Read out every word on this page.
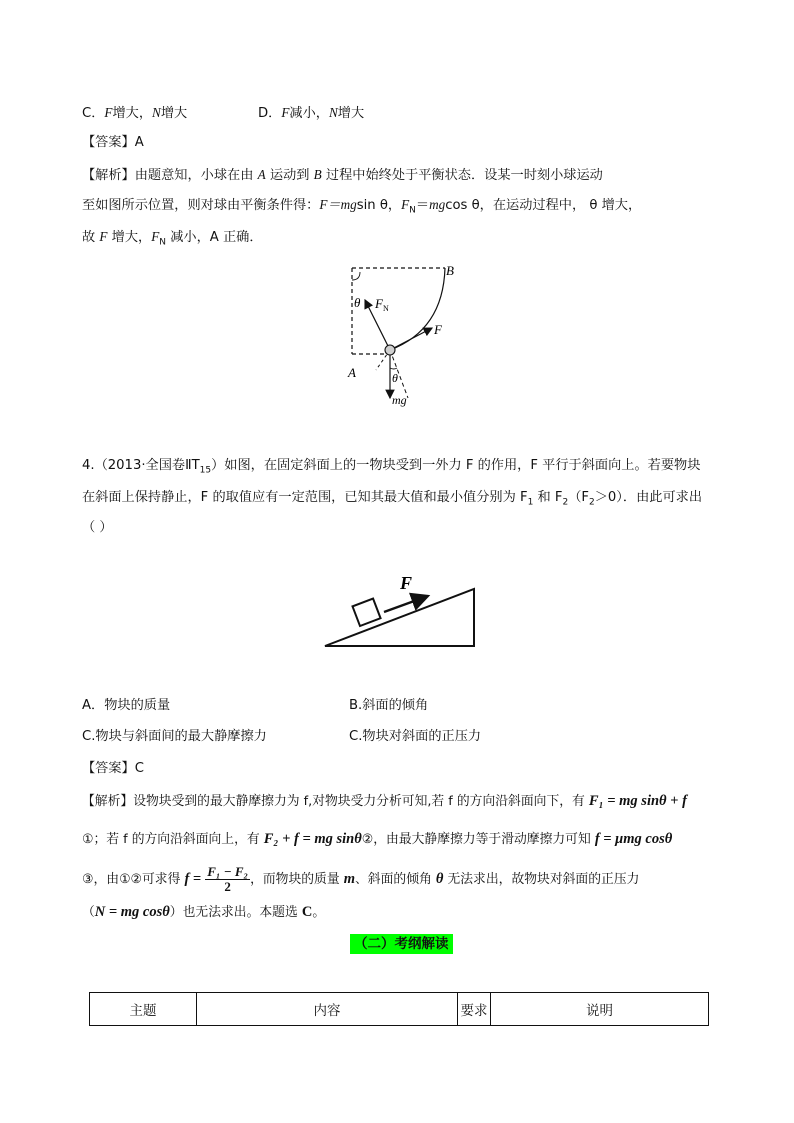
C．F增大，N增大	D．F减小，N增大
【答案】A
【解析】由题意知，小球在由 A 运动到 B 过程中始终处于平衡状态．设某一时刻小球运动
至如图所示位置，则对球由平衡条件得：F＝mgsin θ，$F_N=mgcos$ θ，在运动过程中， θ 增大，
故 F 增大，$F_N$ 减小，A 正确．
B
A
θ $F_N$
F
θ
mg
4.（2013·全国卷$ⅡT_{15}$）如图，在固定斜面上的一物块受到一外力 F 的作用，F 平行于斜面向上。若要物块
在斜面上保持静止，F 的取值应有一定范围，已知其最大值和最小值分别为 $F_1$ 和 $F_2(F_2>0)$．由此可求出
（ ）
F
A．物块的质量	B.斜面的倾角
C.物块与斜面间的最大静摩擦力	C.物块对斜面的正压力
【答案】C
【解析】设物块受到的最大静摩擦力为 f,对物块受力分析可知,若 f 的方向沿斜面向下，有 F₁ = mg sinθ + f
①；若 f 的方向沿斜面向上，有 F₂ + f = mg sinθ②，由最大静摩擦力等于滑动摩擦力可知 f = μmg cosθ
③，由①②可求得 $f = \frac{\text{F₁ − F₂}}{2}$ ，而物块的质量 m、斜面的倾角 θ 无法求出，故物块对斜面的正压力
（N = mg cosθ）也无法求出。本题选 C。
（二）考纲解读
主题	内容	要求	说明
